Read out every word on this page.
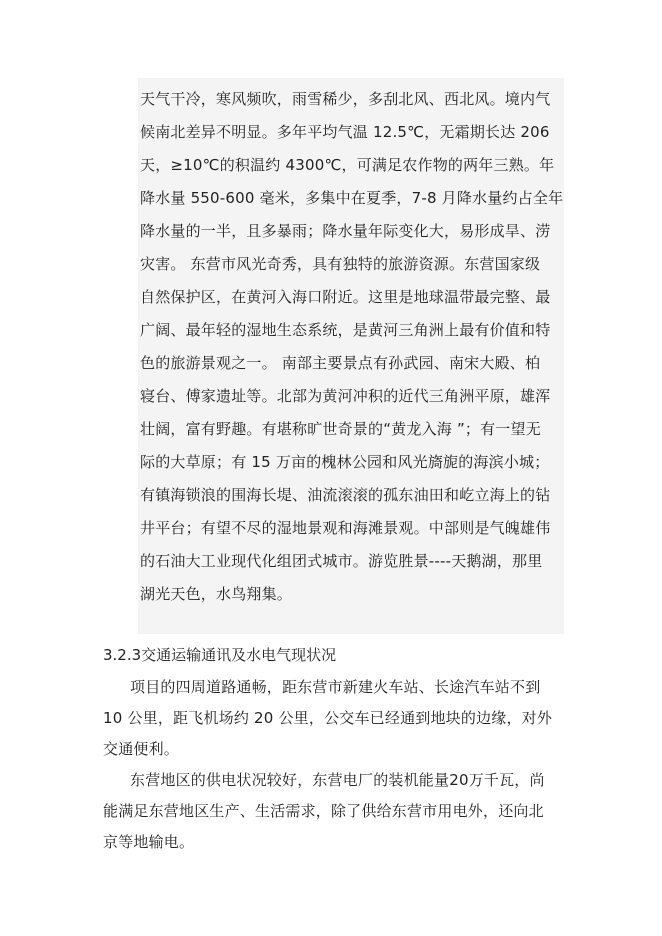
天气干冷，寒风频吹，雨雪稀少，多刮北风、西北风。境内气
候南北差异不明显。多年平均气温 12.5℃，无霜期长达 206
天，≥10℃的积温约 4300℃，可满足农作物的两年三熟。年
降水量 550-600 毫米，多集中在夏季，7-8 月降水量约占全年
降水量的一半，且多暴雨；降水量年际变化大，易形成旱、涝
灾害。 东营市风光奇秀，具有独特的旅游资源。东营国家级
自然保护区，在黄河入海口附近。这里是地球温带最完整、最
广阔、最年轻的湿地生态系统，是黄河三角洲上最有价值和特
色的旅游景观之一。 南部主要景点有孙武园、南宋大殿、柏
寝台、傅家遗址等。北部为黄河冲积的近代三角洲平原，雄浑
壮阔，富有野趣。有堪称旷世奇景的“黄龙入海 ”；有一望无
际的大草原；有 15 万亩的槐林公园和风光旖旎的海滨小城；
有镇海锁浪的围海长堤、油流滚滚的孤东油田和屹立海上的钻
井平台；有望不尽的湿地景观和海滩景观。中部则是气魄雄伟
的石油大工业现代化组团式城市。游览胜景----天鹅湖，那里
湖光天色，水鸟翔集。
3.2.3交通运输通讯及水电气现状况
项目的四周道路通畅，距东营市新建火车站、长途汽车站不到
10 公里，距飞机场约 20 公里，公交车已经通到地块的边缘，对外
交通便利。
东营地区的供电状况较好，东营电厂的装机能量20万千瓦，尚
能满足东营地区生产、生活需求，除了供给东营市用电外，还向北
京等地输电。
